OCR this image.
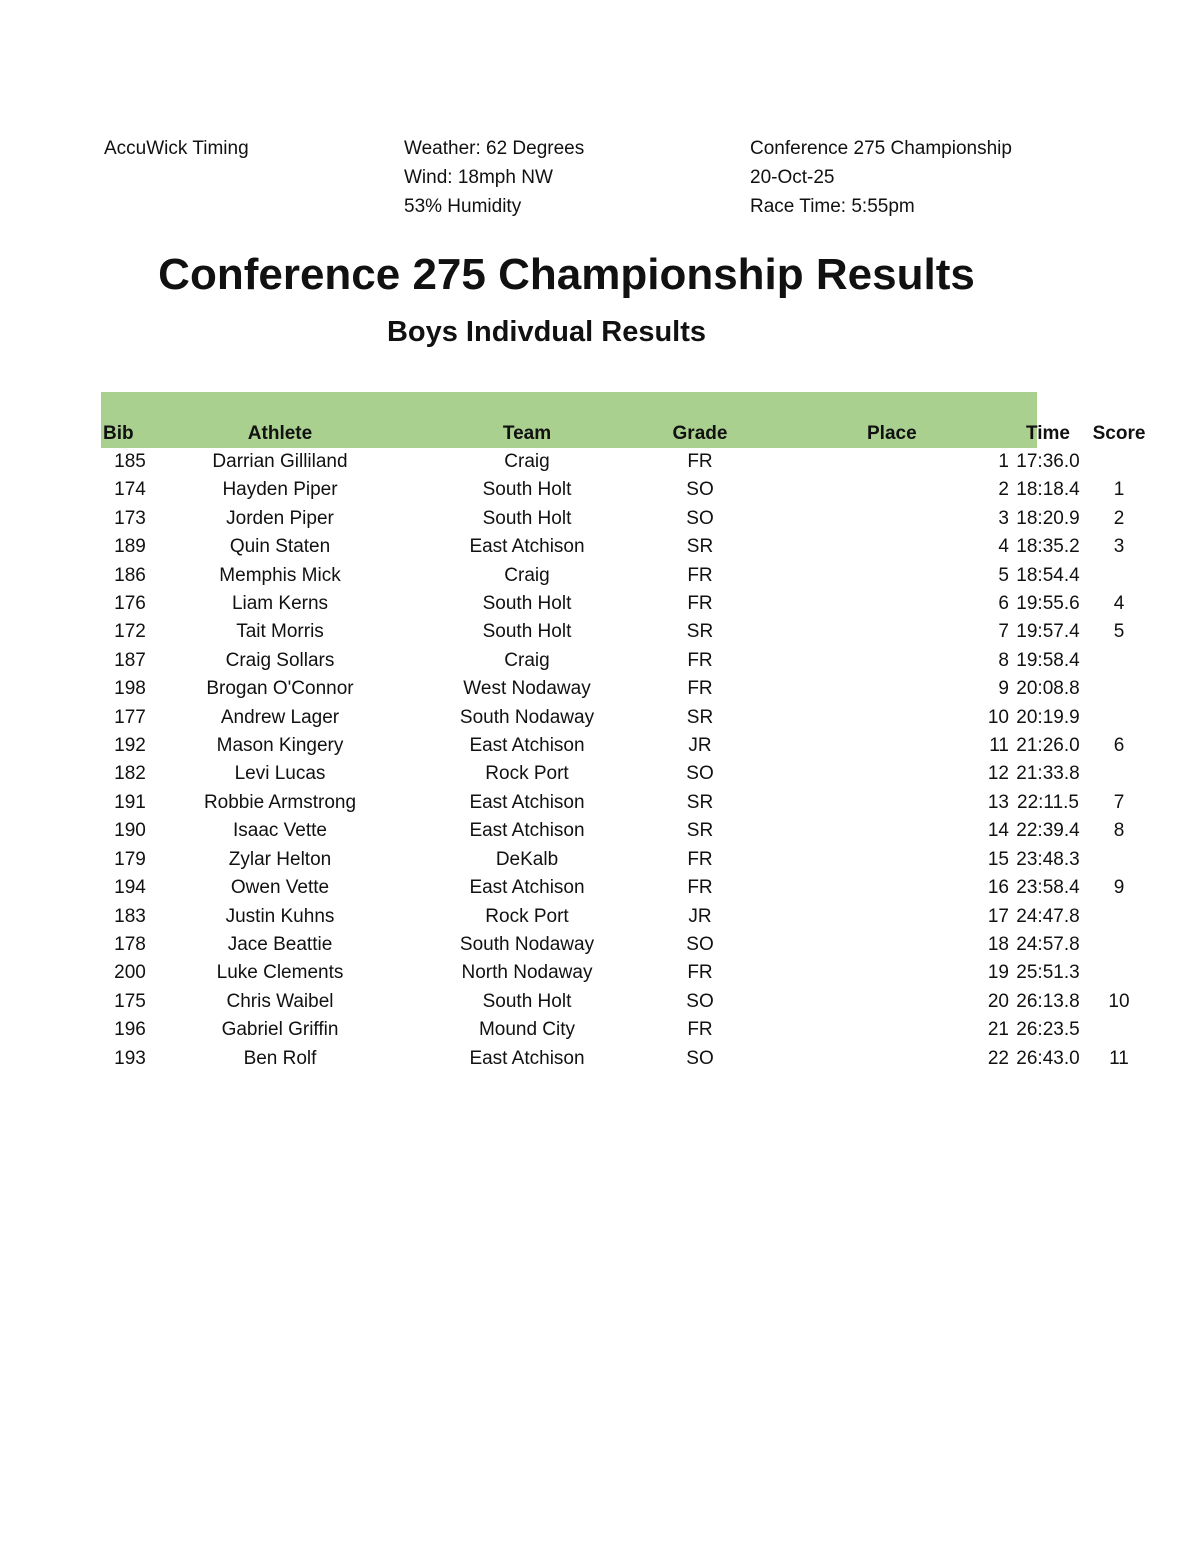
AccuWick Timing	Weather: 62 Degrees
Wind: 18mph NW
53% Humidity
Conference 275 Championship
20-Oct-25
Race Time: 5:55pm
Conference 275 Championship Results
Boys Indivdual Results
Bib	Athlete	Team	Grade	Place	Time	Score
185	Darrian Gilliland	Craig	FR	1	17:36.0	
174	Hayden Piper	South Holt	SO	2	18:18.4	1
173	Jorden Piper	South Holt	SO	3	18:20.9	2
189	Quin Staten	East Atchison	SR	4	18:35.2	3
186	Memphis Mick	Craig	FR	5	18:54.4	
176	Liam Kerns	South Holt	FR	6	19:55.6	4
172	Tait Morris	South Holt	SR	7	19:57.4	5
187	Craig Sollars	Craig	FR	8	19:58.4	
198	Brogan O'Connor	West Nodaway	FR	9	20:08.8	
177	Andrew Lager	South Nodaway	SR	10	20:19.9	
192	Mason Kingery	East Atchison	JR	11	21:26.0	6
182	Levi Lucas	Rock Port	SO	12	21:33.8	
191	Robbie Armstrong	East Atchison	SR	13	22:11.5	7
190	Isaac Vette	East Atchison	SR	14	22:39.4	8
179	Zylar Helton	DeKalb	FR	15	23:48.3	
194	Owen Vette	East Atchison	FR	16	23:58.4	9
183	Justin Kuhns	Rock Port	JR	17	24:47.8	
178	Jace Beattie	South Nodaway	SO	18	24:57.8	
200	Luke Clements	North Nodaway	FR	19	25:51.3	
175	Chris Waibel	South Holt	SO	20	26:13.8	10
196	Gabriel Griffin	Mound City	FR	21	26:23.5	
193	Ben Rolf	East Atchison	SO	22	26:43.0	11
